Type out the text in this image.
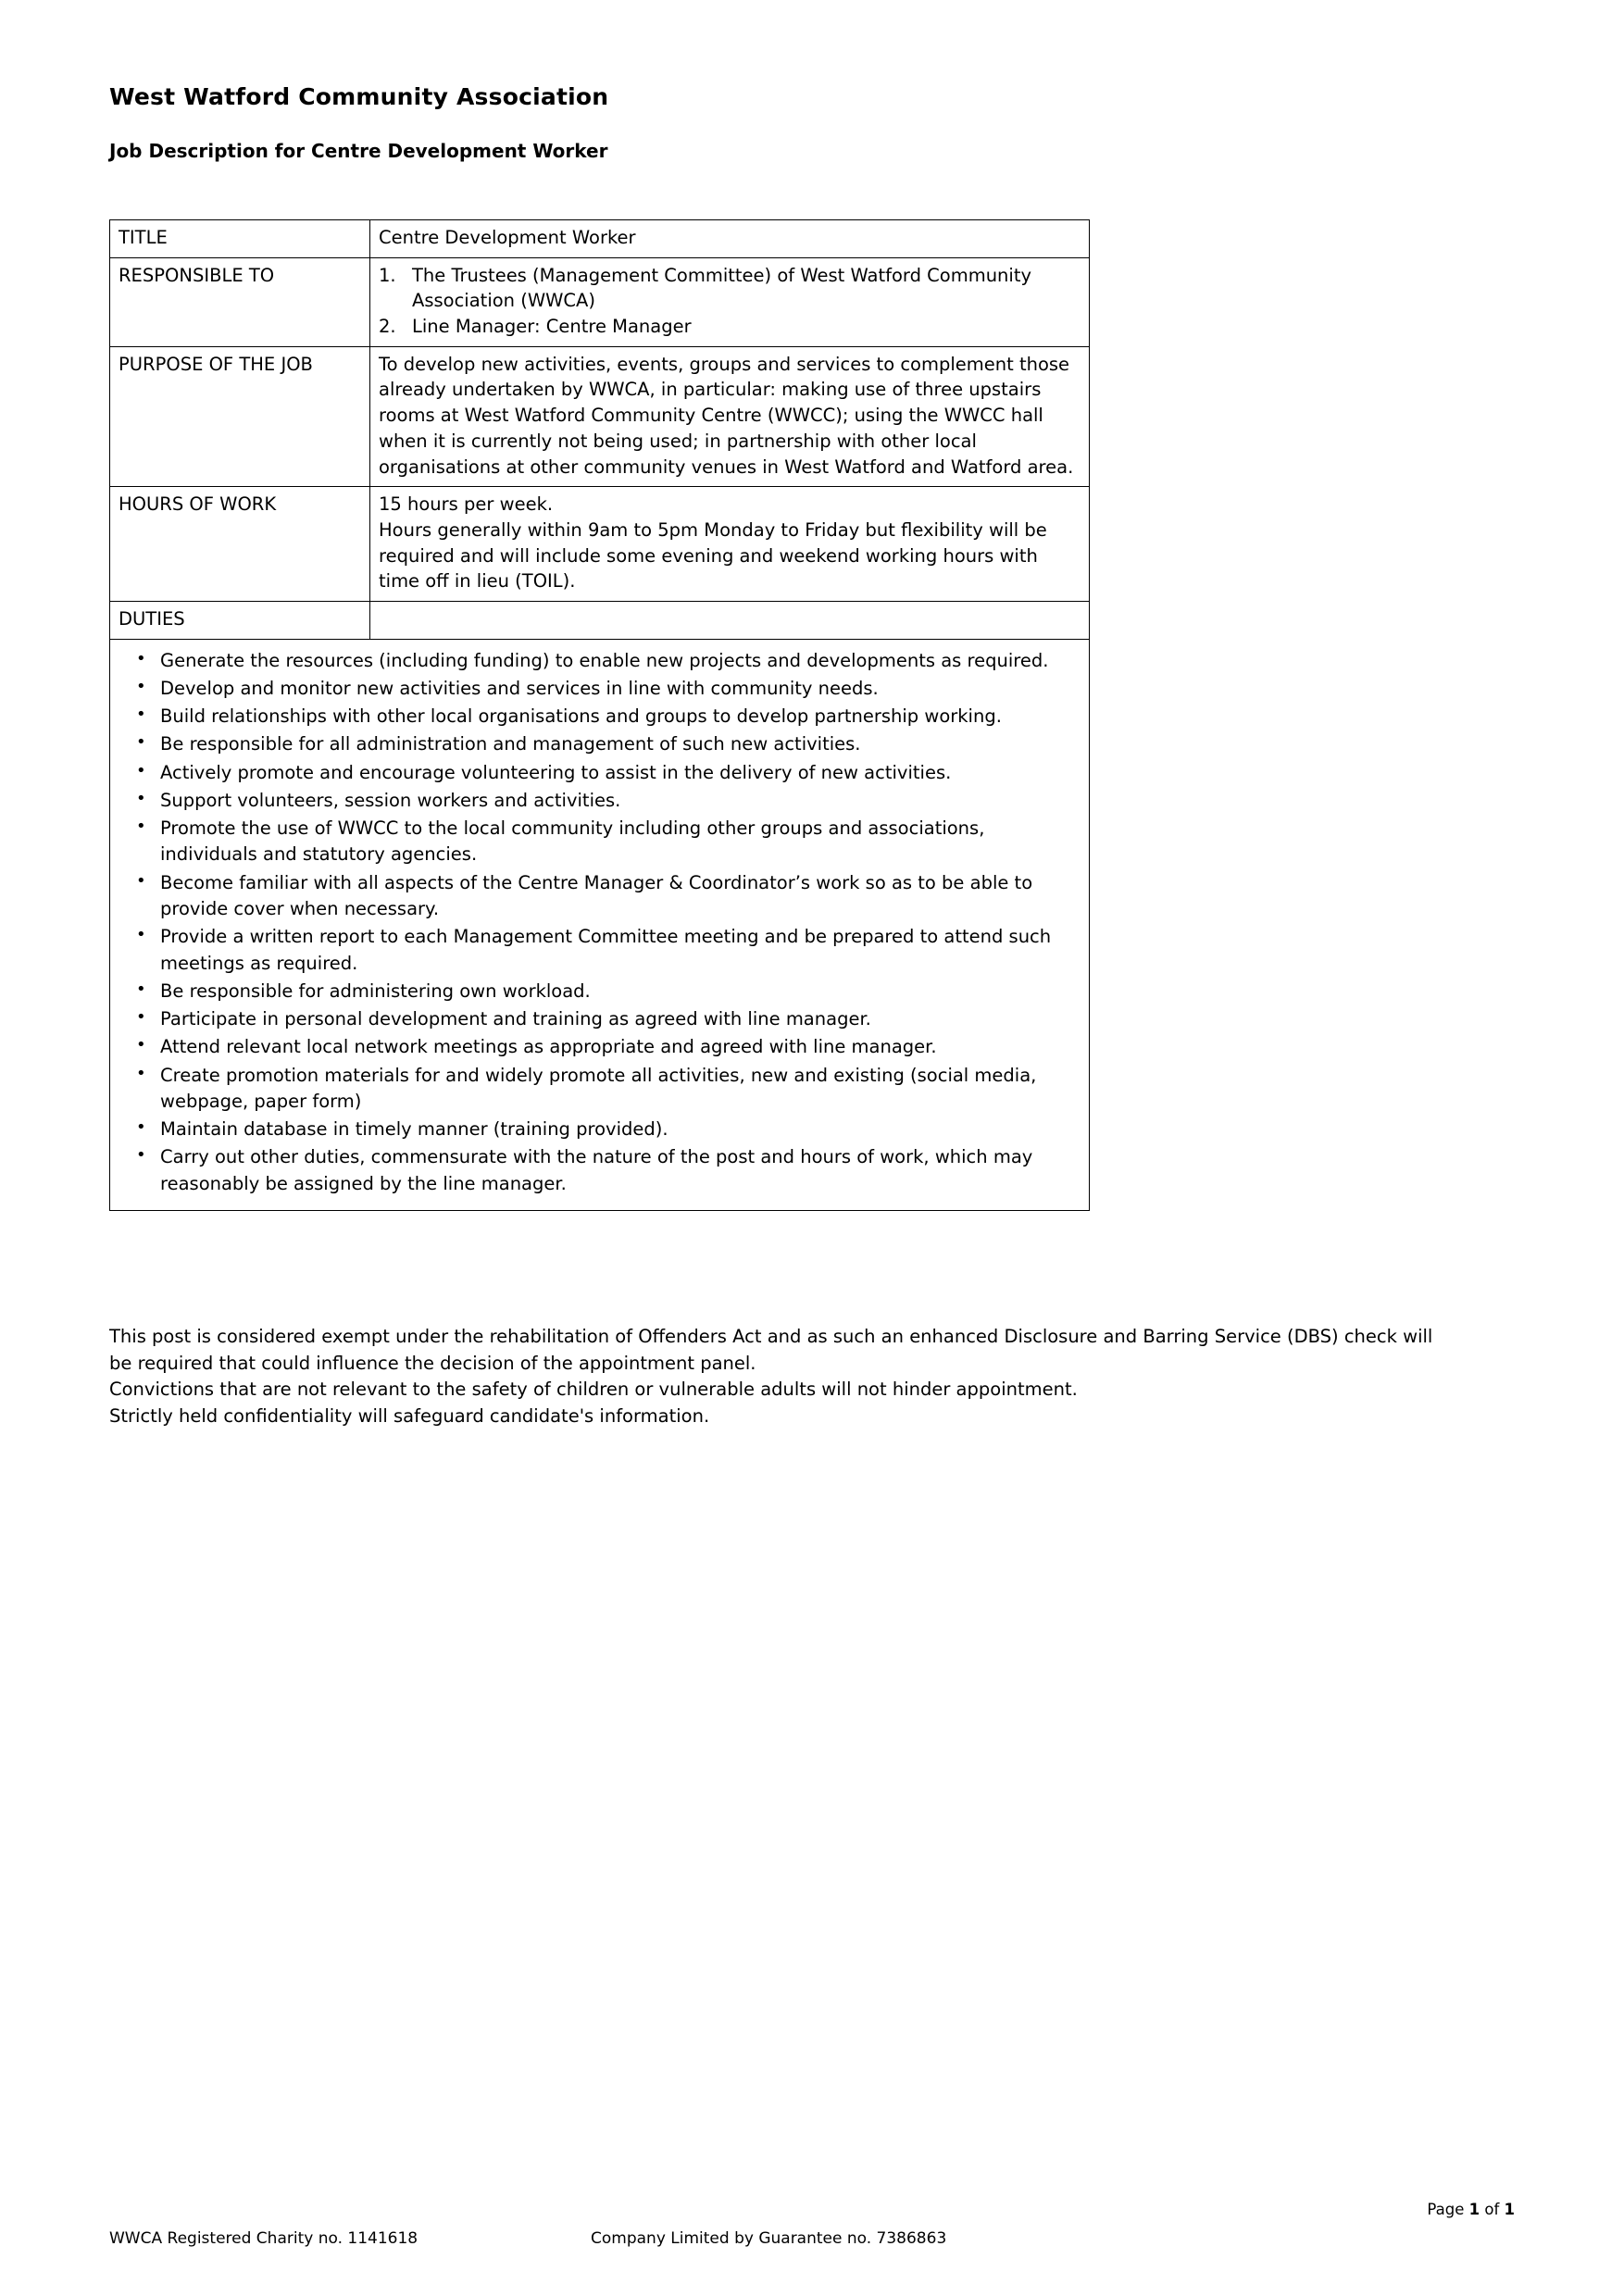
West Watford Community Association
Job Description for Centre Development Worker
TITLE	Centre Development Worker
RESPONSIBLE TO	1. The Trustees (Management Committee) of West Watford Community Association (WWCA)
2. Line Manager: Centre Manager

PURPOSE OF THE JOB	To develop new activities, events, groups and services to complement those already undertaken by WWCA, in particular: making use of three upstairs rooms at West Watford Community Centre (WWCC); using the WWCC hall when it is currently not being used; in partnership with other local organisations at other community venues in West Watford and Watford area.
HOURS OF WORK	15 hours per week.
Hours generally within 9am to 5pm Monday to Friday but flexibility will be required and will include some evening and weekend working hours with time off in lieu (TOIL).

DUTIES	

• Generate the resources (including funding) to enable new projects and developments as required.
• Develop and monitor new activities and services in line with community needs.
• Build relationships with other local organisations and groups to develop partnership working.
• Be responsible for all administration and management of such new activities.
• Actively promote and encourage volunteering to assist in the delivery of new activities.
• Support volunteers, session workers and activities.
• Promote the use of WWCC to the local community including other groups and associations, individuals and statutory agencies.
• Become familiar with all aspects of the Centre Manager & Coordinator’s work so as to be able to provide cover when necessary.
• Provide a written report to each Management Committee meeting and be prepared to attend such meetings as required.
• Be responsible for administering own workload.
• Participate in personal development and training as agreed with line manager.
• Attend relevant local network meetings as appropriate and agreed with line manager.
• Create promotion materials for and widely promote all activities, new and existing (social media, webpage, paper form)
• Maintain database in timely manner (training provided).
• Carry out other duties, commensurate with the nature of the post and hours of work, which may reasonably be assigned by the line manager.

This post is considered exempt under the rehabilitation of Offenders Act and as such an enhanced Disclosure and Barring Service (DBS) check will be required that could influence the decision of the appointment panel.

Convictions that are not relevant to the safety of children or vulnerable adults will not hinder appointment.

Strictly held confidentiality will safeguard candidate's information.

Page 1 of 1
WWCA Registered Charity no. 1141618	Company Limited by Guarantee no. 7386863
